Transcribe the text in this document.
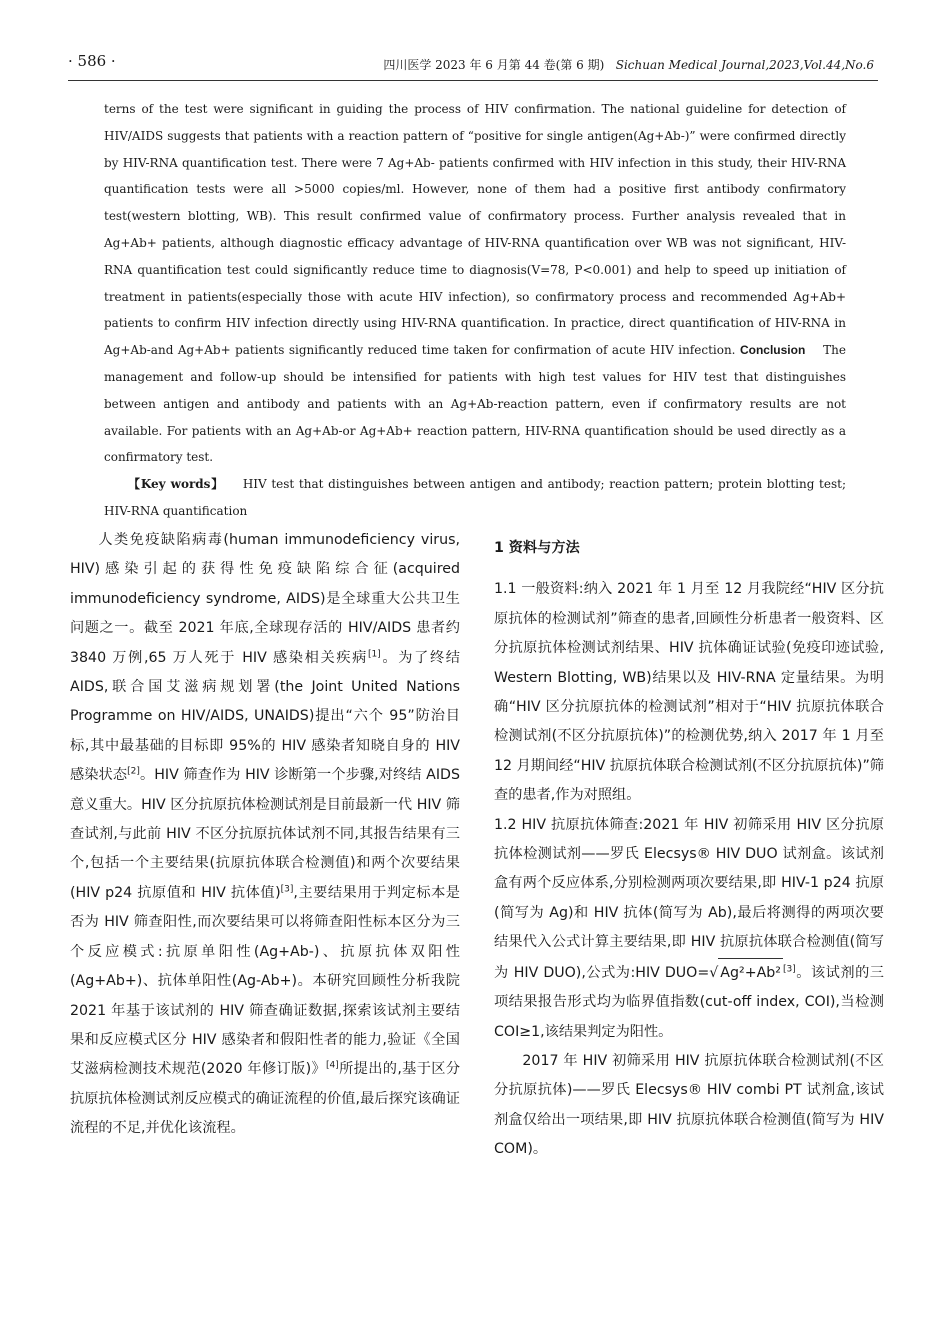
· 586 ·	四川医学 2023 年 6 月第 44 卷(第 6 期) Sichuan Medical Journal,2023,Vol.44,No.6

terns of the test were significant in guiding the process of HIV confirmation. The national guideline for detection of HIV/AIDS suggests that patients with a reaction pattern of “positive for single antigen(Ag+Ab-)” were confirmed directly by HIV-RNA quantification test. There were 7 Ag+Ab- patients confirmed with HIV infection in this study, their HIV-RNA quantification tests were all >5000 copies/ml. However, none of them had a positive first antibody confirmatory test(western blotting, WB). This result confirmed value of confirmatory process. Further analysis revealed that in Ag+Ab+ patients, although diagnostic efficacy advantage of HIV-RNA quantification over WB was not significant, HIV-RNA quantification test could significantly reduce time to diagnosis(V=78, P<0.001) and help to speed up initiation of treatment in patients(especially those with acute HIV infection), so confirmatory process and recommended Ag+Ab+ patients to confirm HIV infection directly using HIV-RNA quantification. In practice, direct quantification of HIV-RNA in Ag+Ab-and Ag+Ab+ patients significantly reduced time taken for confirmation of acute HIV infection. Conclusion The management and follow-up should be intensified for patients with high test values for HIV test that distinguishes between antigen and antibody and patients with an Ag+Ab-reaction pattern, even if confirmatory results are not available. For patients with an Ag+Ab-or Ag+Ab+ reaction pattern, HIV-RNA quantification should be used directly as a confirmatory test.

【Key words】 HIV test that distinguishes between antigen and antibody; reaction pattern; protein blotting test; HIV-RNA quantification

人类免疫缺陷病毒(human immunodeficiency virus, HIV)感染引起的获得性免疫缺陷综合征(acquired immunodeficiency syndrome, AIDS)是全球重大公共卫生问题之一。截至 2021 年底,全球现存活的 HIV/AIDS 患者约 3840 万例,65 万人死于 HIV 感染相关疾病[1]。为了终结 AIDS,联合国艾滋病规划署(the Joint United Nations Programme on HIV/AIDS, UNAIDS)提出“六个 95”防治目标,其中最基础的目标即 95%的 HIV 感染者知晓自身的 HIV 感染状态[2]。HIV 筛查作为 HIV 诊断第一个步骤,对终结 AIDS 意义重大。HIV 区分抗原抗体检测试剂是目前最新一代 HIV 筛查试剂,与此前 HIV 不区分抗原抗体试剂不同,其报告结果有三个,包括一个主要结果(抗原抗体联合检测值)和两个次要结果(HIV p24 抗原值和 HIV 抗体值)[3],主要结果用于判定标本是否为 HIV 筛查阳性,而次要结果可以将筛查阳性标本区分为三个反应模式:抗原单阳性(Ag+Ab-)、抗原抗体双阳性(Ag+Ab+)、抗体单阳性(Ag-Ab+)。本研究回顾性分析我院 2021 年基于该试剂的 HIV 筛查确证数据,探索该试剂主要结果和反应模式区分 HIV 感染者和假阳性者的能力,验证《全国艾滋病检测技术规范(2020 年修订版)》[4]所提出的,基于区分抗原抗体检测试剂反应模式的确证流程的价值,最后探究该确证流程的不足,并优化该流程。

1 资料与方法

1.1 一般资料:纳入 2021 年 1 月至 12 月我院经“HIV 区分抗原抗体的检测试剂”筛查的患者,回顾性分析患者一般资料、区分抗原抗体检测试剂结果、HIV 抗体确证试验(免疫印迹试验, Western Blotting, WB)结果以及 HIV-RNA 定量结果。为明确“HIV 区分抗原抗体的检测试剂”相对于“HIV 抗原抗体联合检测试剂(不区分抗原抗体)”的检测优势,纳入 2017 年 1 月至 12 月期间经“HIV 抗原抗体联合检测试剂(不区分抗原抗体)”筛查的患者,作为对照组。

1.2 HIV 抗原抗体筛查:2021 年 HIV 初筛采用 HIV 区分抗原抗体检测试剂——罗氏 Elecsys® HIV DUO 试剂盒。该试剂盒有两个反应体系,分别检测两项次要结果,即 HIV-1 p24 抗原(简写为 Ag)和 HIV 抗体(简写为 Ab),最后将测得的两项次要结果代入公式计算主要结果,即 HIV 抗原抗体联合检测值(简写为 HIV DUO),公式为:HIV DUO=√ Ag²+Ab² [3]。该试剂的三项结果报告形式均为临界值指数(cut-off index, COI),当检测 COI≥1,该结果判定为阳性。

2017 年 HIV 初筛采用 HIV 抗原抗体联合检测试剂(不区分抗原抗体)——罗氏 Elecsys® HIV combi PT 试剂盒,该试剂盒仅给出一项结果,即 HIV 抗原抗体联合检测值(简写为 HIV COM)。
